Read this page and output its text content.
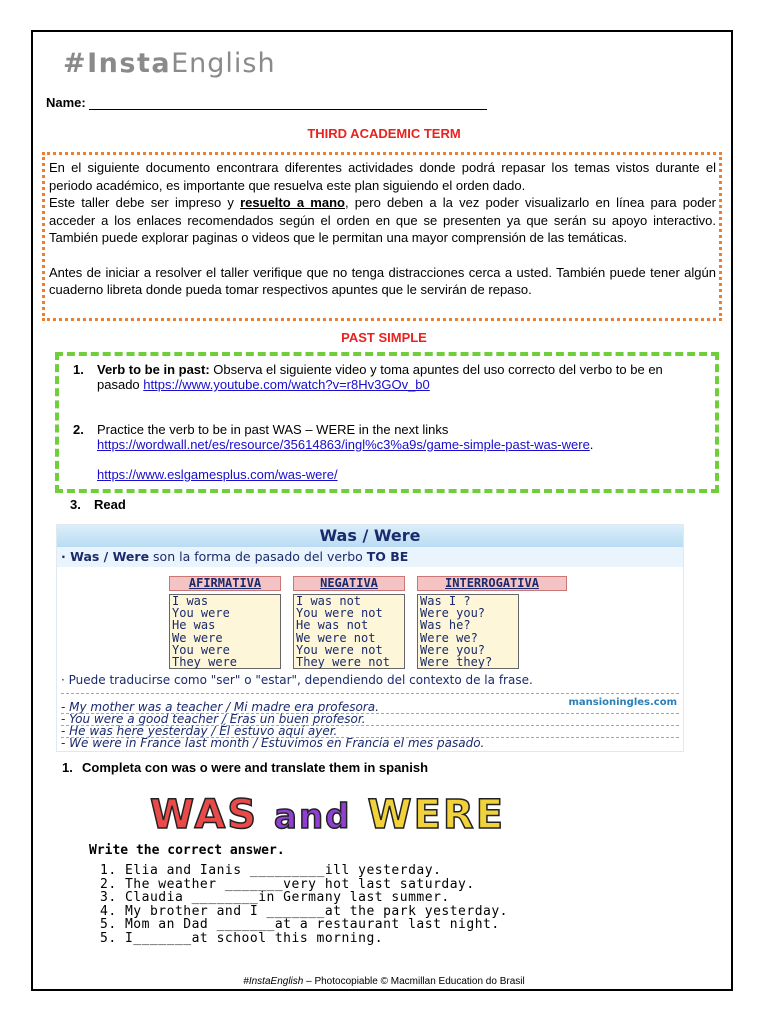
#InstaEnglish
Name:
THIRD ACADEMIC TERM

En el siguiente documento encontrara diferentes actividades donde podrá repasar los temas vistos durante el periodo académico, es importante que resuelva este plan siguiendo el orden dado.

Este taller debe ser impreso y resuelto a mano, pero deben a la vez poder visualizarlo en línea para poder acceder a los enlaces recomendados según el orden en que se presenten ya que serán su apoyo interactivo. También puede explorar paginas o videos que le permitan una mayor comprensión de las temáticas.

Antes de iniciar a resolver el taller verifique que no tenga distracciones cerca a usted. También puede tener algún cuaderno libreta donde pueda tomar respectivos apuntes que le servirán de repaso.

PAST SIMPLE
1. Verb to be in past: Observa el siguiente video y toma apuntes del uso correcto del verbo to be en pasado https://www.youtube.com/watch?v=r8Hv3GOv_b0
2. Practice the verb to be in past WAS – WERE in the next links
https://wordwall.net/es/resource/35614863/ingl%c3%a9s/game-simple-past-was-were.

https://www.eslgamesplus.com/was-were/
3. Read
Was / Were
· Was / Were son la forma de pasado del verbo TO BE
AFIRMATIVA
I was
You were
He was
We were
You were
They were
NEGATIVA
I was not
You were not
He was not
We were not
You were not
They were not
INTERROGATIVA
Was I ?
Were you?
Was he?
Were we?
Were you?
Were they?
· Puede traducirse como "ser" o "estar", dependiendo del contexto de la frase.
mansioningles.com
- My mother was a teacher / Mi madre era profesora.
- You were a good teacher / Eras un buen profesor.
- He was here yesterday / Él estuvo aquí ayer.
- We were in France last month / Estuvimos en Francia el mes pasado.
1. Completa con was o were and translate them in spanish
WAS and WERE
Write the correct answer.
1. Elia and Ianis _________ill yesterday.
2. The weather _______very hot last saturday.
3. Claudia ________in Germany last summer.
4. My brother and I _______at the park yesterday.
5. Mom an Dad _______at a restaurant last night.
5. I_______at school this morning.
#InstaEnglish – Photocopiable © Macmillan Education do Brasil
